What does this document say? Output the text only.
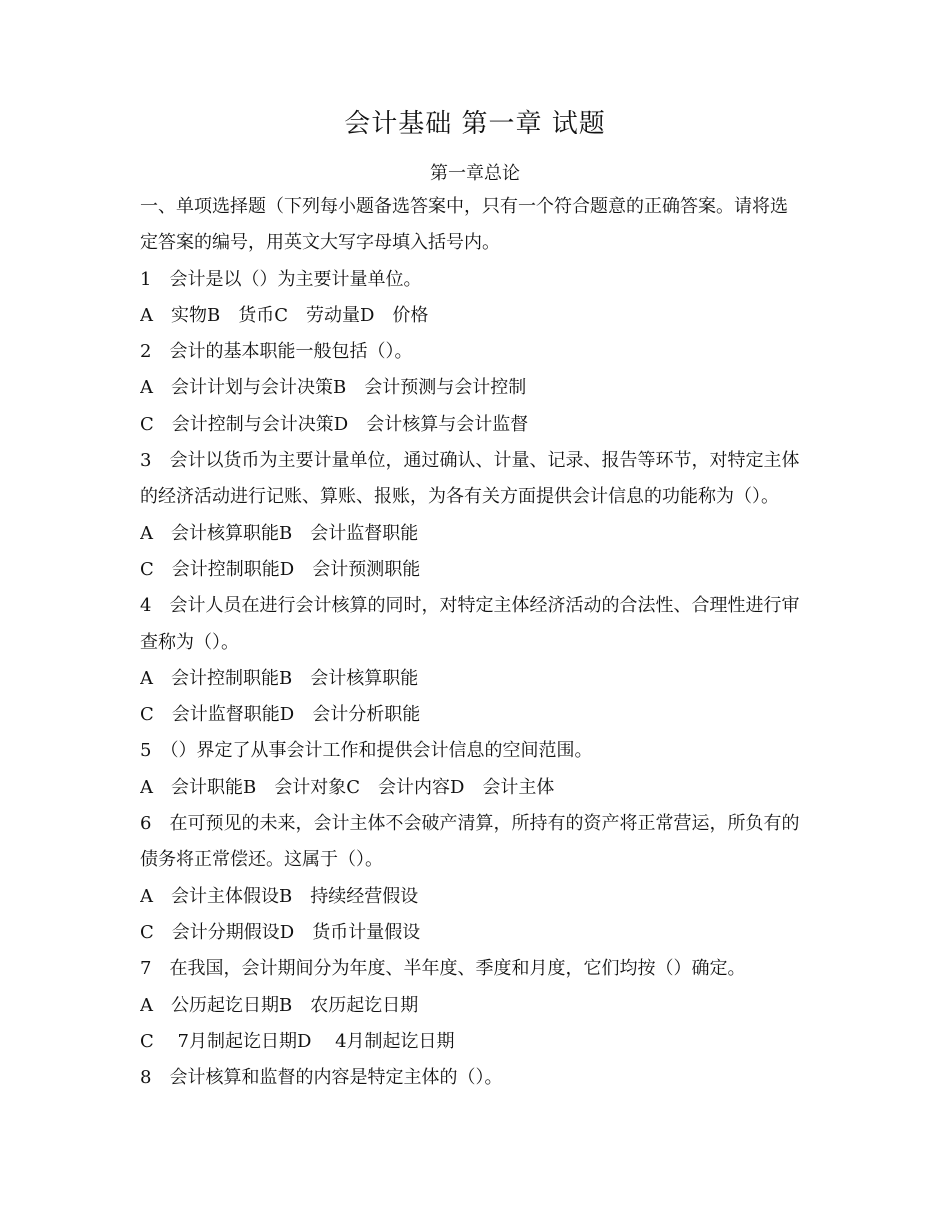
会计基础 第一章 试题
第一章总论
一、单项选择题（下列每小题备选答案中，只有一个符合题意的正确答案。请将选
定答案的编号，用英文大写字母填入括号内。
1　会计是以（）为主要计量单位。
A　实物B　货币C　劳动量D　价格
2　会计的基本职能一般包括（）。
A　会计计划与会计决策B　会计预测与会计控制
C　会计控制与会计决策D　会计核算与会计监督
3　会计以货币为主要计量单位，通过确认、计量、记录、报告等环节，对特定主体
的经济活动进行记账、算账、报账，为各有关方面提供会计信息的功能称为（）。
A　会计核算职能B　会计监督职能
C　会计控制职能D　会计预测职能
4　会计人员在进行会计核算的同时，对特定主体经济活动的合法性、合理性进行审
查称为（）。
A　会计控制职能B　会计核算职能
C　会计监督职能D　会计分析职能
5　（）界定了从事会计工作和提供会计信息的空间范围。
A　会计职能B　会计对象C　会计内容D　会计主体
6　在可预见的未来，会计主体不会破产清算，所持有的资产将正常营运，所负有的
债务将正常偿还。这属于（）。
A　会计主体假设B　持续经营假设
C　会计分期假设D　货币计量假设
7　在我国，会计期间分为年度、半年度、季度和月度，它们均按（）确定。
A　公历起讫日期B　农历起讫日期
C　 7月制起讫日期D　 4月制起讫日期
8　会计核算和监督的内容是特定主体的（）。
